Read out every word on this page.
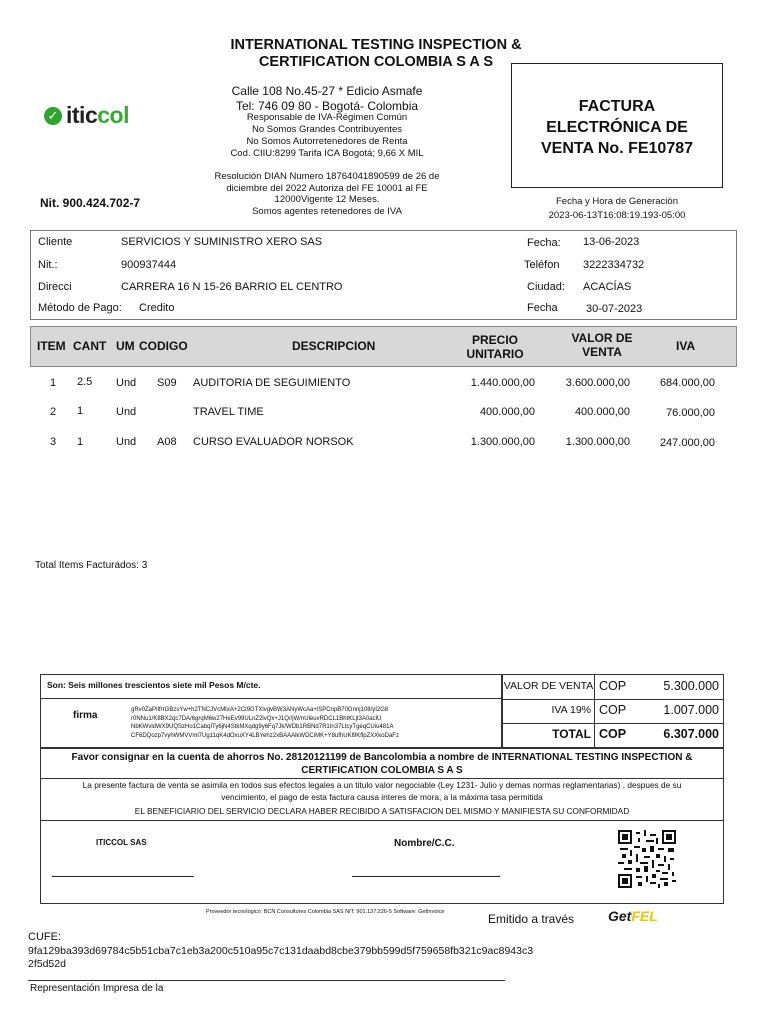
INTERNATIONAL TESTING INSPECTION &
CERTIFICATION COLOMBIA S A S
✓ iticcol
Calle 108 No.45-27 * Edicio Asmafe
Tel: 746 09 80 - Bogotá- Colombia
Responsable de IVA-Régimen Común
No Somos Grandes Contribuyentes
No Somos Autorretenedores de Renta
Cod. CIIU:8299 Tarifa ICA Bogotá; 9,66 X MIL
Resolución DIAN Numero 18764041890599 de 26 de
diciembre del 2022 Autoriza del FE 10001 al FE
12000Vigente 12 Meses.
Somos agentes retenedores de IVA
Nit. 900.424.702-7
FACTURA
ELECTRÓNICA DE
VENTA No. FE10787
Fecha y Hora de Generación
2023-06-13T16:08:19.193-05:00
Cliente	SERVICIOS Y SUMINISTRO XERO SAS
Nit.:	900937444
Direcci	CARRERA 16 N 15-26 BARRIO EL CENTRO
Método de Pago: Credito
Fecha: 13-06-2023
Teléfon 3222334732
Ciudad: ACACÍAS
Fecha	30-07-2023
ITEM CANT UM CODIGO	DESCRIPCION	PRECIO
UNITARIO
VALOR DE
VENTA	IVA
1 2.5 Und S09 AUDITORIA DE SEGUIMIENTO	1.440.000,00	3.600.000,00	684.000,00
2 1	Und	TRAVEL TIME	400.000,00	400.000,00	76.000,00
3 1	Und A08 CURSO EVALUADOR NORSOK	1.300.000,00	1.300.000,00	247.000,00
Total Items Facturados: 3
Son: Seis millones trescientos siete mil Pesos M/cte.
firma	gRv0ZaPIlfrrGBzsYw+h2TNCJVcMtxA+2CI9GTXlvgvBW3ANyWcAa+lSPCnpB70Gnnj108/yI2G8
r0NNu1/K8BX2qc7DA/6grqM6w27HeEv99ULnZ2lvQx+J1Q//jW/nUleuvRDCL1BhtKLjt3A0aclU
NbKWvldWX9UQSzHo1CabqITy6jN4StkMXqdg9y6Fq7Jk/WDb1RBNd7R1In37LtcyTgeqCUiu481A
CF6DQozp7vyhWMVVml7Ug11qK4dOxuXY4LBYehz2xBAAAlkWDCiMK+Y8ufhUKl9KflpZXXkoDaFz
VALOR DE VENTA COP	5.300.000
IVA 19% COP	1.007.000
TOTAL COP	6.307.000
Favor consignar en la cuenta de ahorros No. 28120121199 de Bancolombia a nombre de INTERNATIONAL TESTING INSPECTION &
CERTIFICATION COLOMBIA S A S
La presente factura de venta se asimila en todos sus efectos legales a un titulo valor negociable (Ley 1231- Julio y demas normas reglamentarias) , despues de su
vencimiento, el pago de esta factura causa interes de mora, a la máxima tasa permitida
EL BENEFICIARIO DEL SERVICIO DECLARA HABER RECIBIDO A SATISFACION DEL MISMO Y MANIFIESTA SU CONFORMIDAD
ITICCOL SAS	Nombre/C.C.
Proveedor tecnológico: BCN Consultores Colombia SAS NIT: 901.137.226-5 Software: GetInvoice	Emitido a través GetFEL
CUFE:
9fa129ba393d69784c5b51cba7c1eb3a200c510a95c7c131daabd8cbe379bb599d5f759658fb321c9ac8943c3
2f5d52d
Representación Impresa de la
